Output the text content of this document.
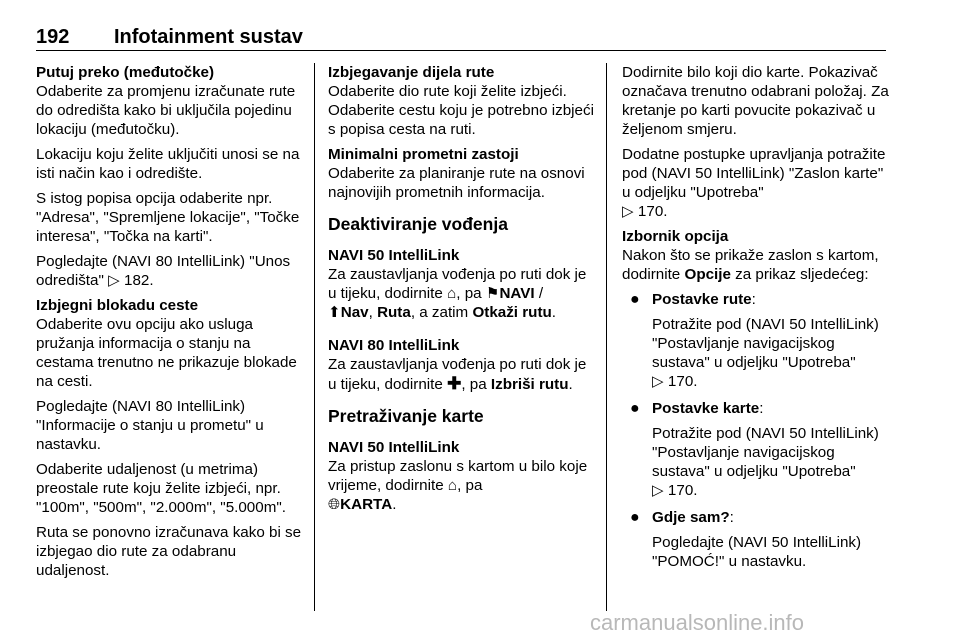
192 Infotainment sustav
Putuj preko (međutočke)

Odaberite za promjenu izračunate rute do odredišta kako bi uključila pojedinu lokaciju (međutočku).

Lokaciju koju želite uključiti unosi se na isti način kao i odredište.

S istog popisa opcija odaberite npr. "Adresa", "Spremljene lokacije", "Točke interesa", "Točka na karti".

Pogledajte (NAVI 80 IntelliLink) "Unos odredišta" ▷ 182.

Izbjegni blokadu ceste

Odaberite ovu opciju ako usluga pružanja informacija o stanju na cestama trenutno ne prikazuje blokade na cesti.

Pogledajte (NAVI 80 IntelliLink) "Informacije o stanju u prometu" u nastavku.

Odaberite udaljenost (u metrima) preostale rute koju želite izbjeći, npr. "100m", "500m", "2.000m", "5.000m".

Ruta se ponovno izračunava kako bi se izbjegao dio rute za odabranu udaljenost.

Izbjegavanje dijela rute

Odaberite dio rute koji želite izbjeći. Odaberite cestu koju je potrebno izbjeći s popisa cesta na ruti.

Minimalni prometni zastoji

Odaberite za planiranje rute na osnovi najnovijih prometnih informacija.

Deaktiviranje vođenja
NAVI 50 IntelliLink

Za zaustavljanja vođenja po ruti dok je u tijeku, dodirnite ⌂, pa ⚑NAVI /
⬆Nav, Ruta, a zatim Otkaži rutu.

NAVI 80 IntelliLink

Za zaustavljanja vođenja po ruti dok je u tijeku, dodirnite ✚, pa Izbriši rutu.

Pretraživanje karte
NAVI 50 IntelliLink

Za pristup zaslonu s kartom u bilo koje vrijeme, dodirnite ⌂, pa
🌐︎KARTA.

Dodirnite bilo koji dio karte. Pokazivač označava trenutno odabrani položaj. Za kretanje po karti povucite pokazivač u željenom smjeru.

Dodatne postupke upravljanja potražite pod (NAVI 50 IntelliLink) "Zaslon karte" u odjeljku "Upotreba"
▷ 170.

Izbornik opcija

Nakon što se prikaže zaslon s kartom, dodirnite Opcije za prikaz sljedećeg:

● Postavke rute:
Potražite pod (NAVI 50 IntelliLink) "Postavljanje navigacijskog sustava" u odjeljku "Upotreba"
▷ 170.
● Postavke karte:
Potražite pod (NAVI 50 IntelliLink) "Postavljanje navigacijskog sustava" u odjeljku "Upotreba"
▷ 170.
● Gdje sam?:
Pogledajte (NAVI 50 IntelliLink) "POMOĆ!" u nastavku.
carmanualsonline.info
